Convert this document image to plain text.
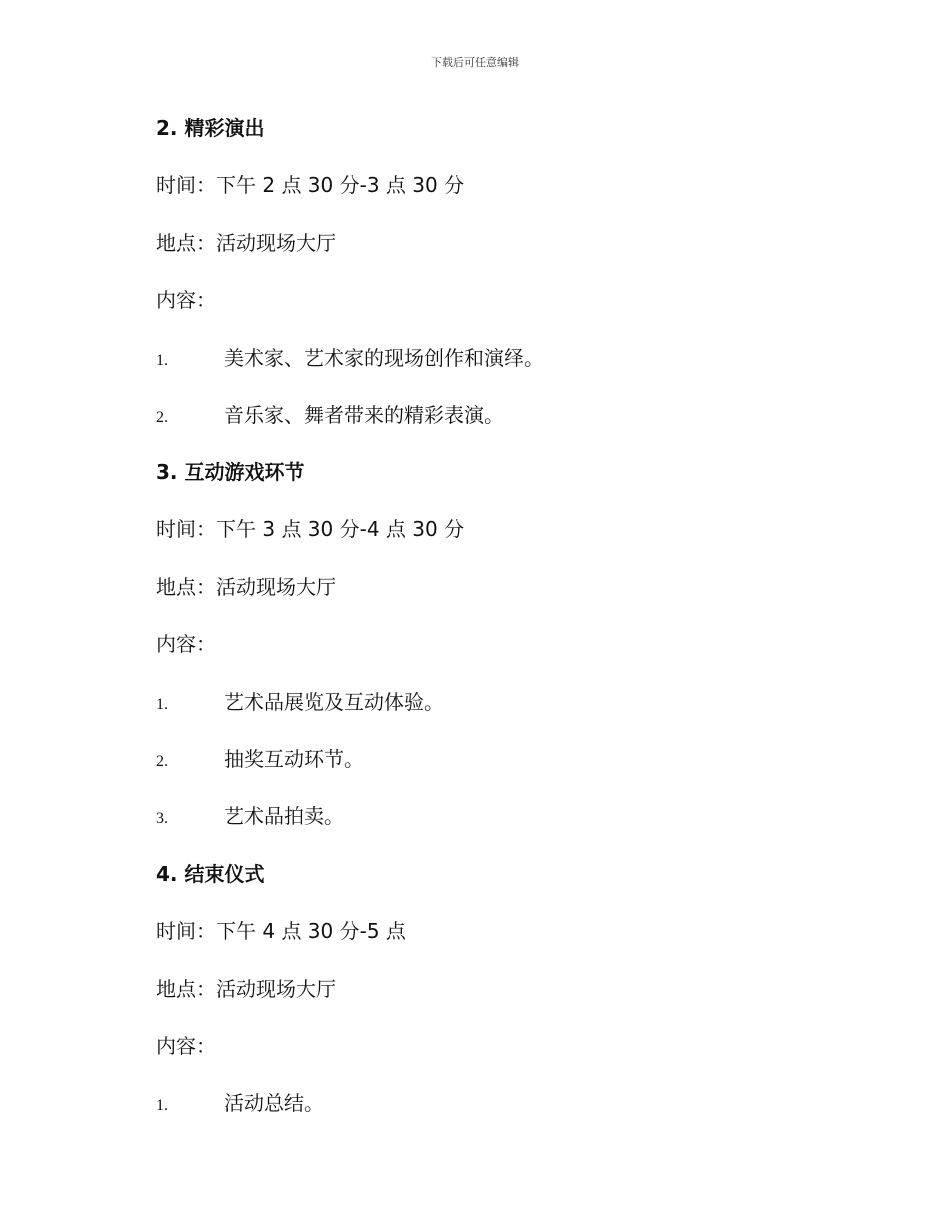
下载后可任意编辑
2. 精彩演出
时间：下午 2 点 30 分-3 点 30 分
地点：活动现场大厅
内容：
1.	美术家、艺术家的现场创作和演绎。
2.	音乐家、舞者带来的精彩表演。
3. 互动游戏环节
时间：下午 3 点 30 分-4 点 30 分
地点：活动现场大厅
内容：
1.	艺术品展览及互动体验。
2.	抽奖互动环节。
3.	艺术品拍卖。
4. 结束仪式
时间：下午 4 点 30 分-5 点
地点：活动现场大厅
内容：
1.	活动总结。
